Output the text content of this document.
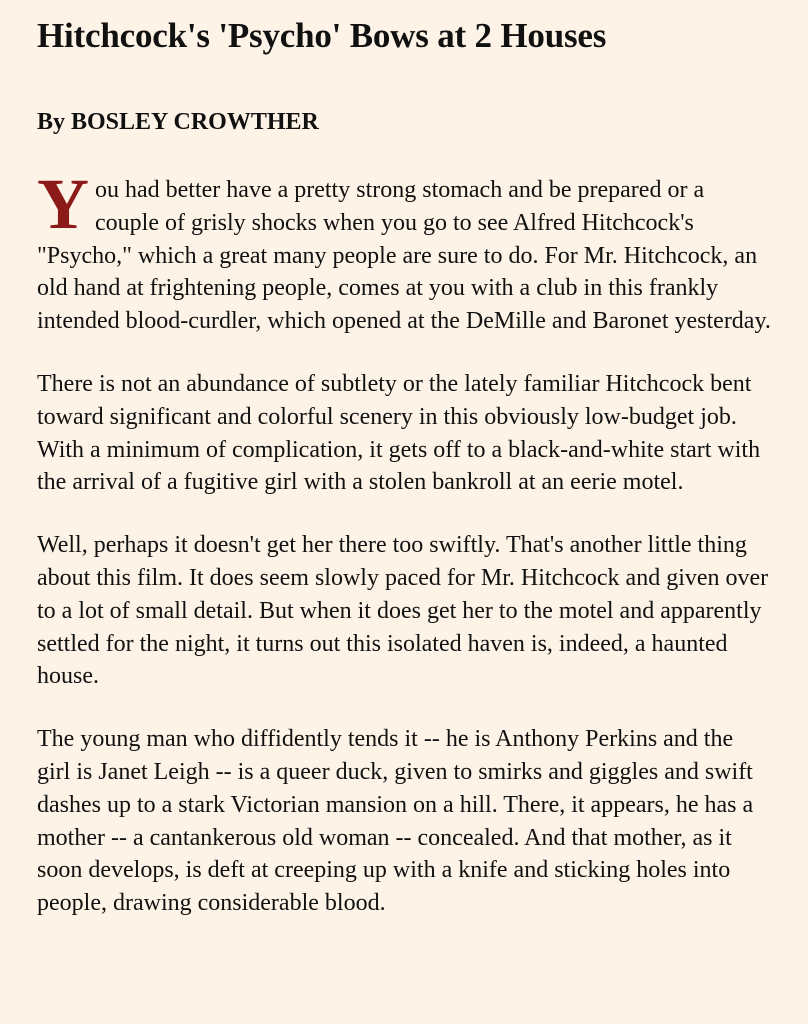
Hitchcock's 'Psycho' Bows at 2 Houses
By BOSLEY CROWTHER

You had better have a pretty strong stomach and be prepared or a couple of grisly shocks when you go to see Alfred Hitchcock's "Psycho," which a great many people are sure to do. For Mr. Hitchcock, an old hand at frightening people, comes at you with a club in this frankly intended blood-curdler, which opened at the DeMille and Baronet yesterday.

There is not an abundance of subtlety or the lately familiar Hitchcock bent toward significant and colorful scenery in this obviously low-budget job. With a minimum of complication, it gets off to a black-and-white start with the arrival of a fugitive girl with a stolen bankroll at an eerie motel.

Well, perhaps it doesn't get her there too swiftly. That's another little thing about this film. It does seem slowly paced for Mr. Hitchcock and given over to a lot of small detail. But when it does get her to the motel and apparently settled for the night, it turns out this isolated haven is, indeed, a haunted house.

The young man who diffidently tends it -- he is Anthony Perkins and the girl is Janet Leigh -- is a queer duck, given to smirks and giggles and swift dashes up to a stark Victorian mansion on a hill. There, it appears, he has a mother -- a cantankerous old woman -- concealed. And that mother, as it soon develops, is deft at creeping up with a knife and sticking holes into people, drawing considerable blood.
